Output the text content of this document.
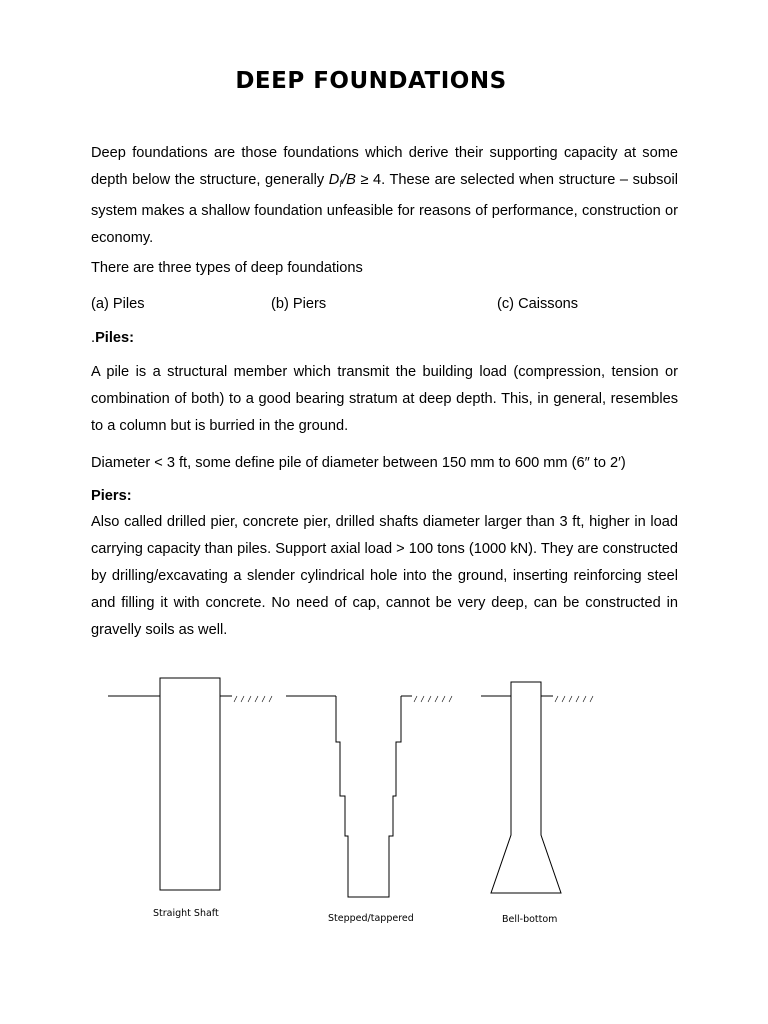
DEEP FOUNDATIONS

Deep foundations are those foundations which derive their supporting capacity at some depth below the structure, generally $D_f/B \ge 4$. These are selected when structure – subsoil system makes a shallow foundation unfeasible for reasons of performance, construction or economy.

There are three types of deep foundations

(a) Piles	(b) Piers	(c) Caissons
.Piles:

A pile is a structural member which transmit the building load (compression, tension or combination of both) to a good bearing stratum at deep depth. This, in general, resembles to a column but is burried in the ground.

Diameter < 3 ft, some define pile of diameter between 150 mm to 600 mm (6″ to 2′)

Piers:

Also called drilled pier, concrete pier, drilled shafts diameter larger than 3 ft, higher in load carrying capacity than piles. Support axial load > 100 tons (1000 kN). They are constructed by drilling/excavating a slender cylindrical hole into the ground, inserting reinforcing steel and filling it with concrete. No need of cap, cannot be very deep, can be constructed in gravelly soils as well.

Straight Shaft	Stepped/tappered	Bell-bottom
